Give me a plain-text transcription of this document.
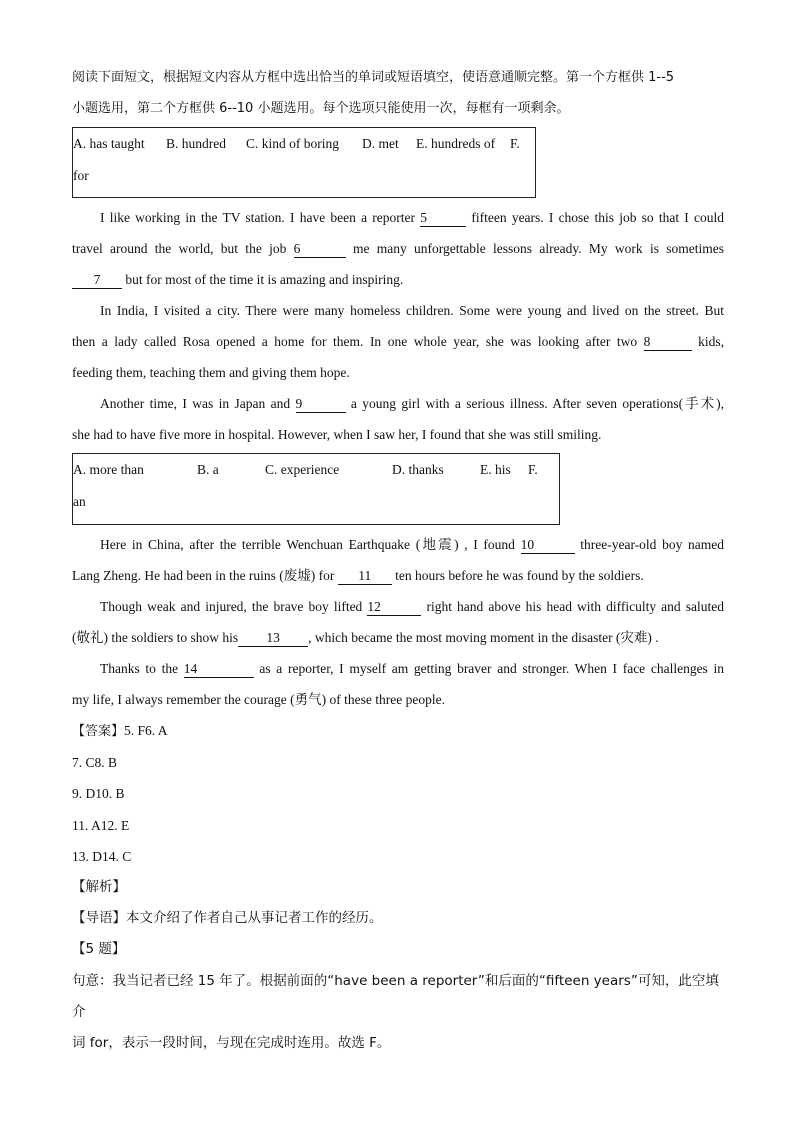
阅读下面短文，根据短文内容从方框中选出恰当的单词或短语填空，使语意通顺完整。第一个方框供 1--5
小题选用，第二个方框供 6--10 小题选用。每个选项只能使用一次，每框有一项剩余。
A. has taught	B. hundred	C. kind of boring	D. met	E. hundreds of	F.
for
I like working in the TV station. I have been a reporter 5	fifteen years. I chose this job so that I could
travel around the world, but the job 6	me many unforgettable lessons already. My work is sometimes
7 but for most of the time it is amazing and inspiring.
In India, I visited a city. There were many homeless children. Some were young and lived on the street. But
then a lady called Rosa opened a home for them. In one whole year, she was looking after two 8	kids,
feeding them, teaching them and giving them hope.
Another time, I was in Japan and 9	a young girl with a serious illness. After seven operations(手术),
she had to have five more in hospital. However, when I saw her, I found that she was still smiling.
A. more than	B. a	C. experience	D. thanks	E. his	F.
an
Here in China, after the terrible Wenchuan Earthquake (地震) , I found 10	three-year-old boy named
Lang Zheng. He had been in the ruins (废墟) for 11 ten hours before he was found by the soldiers.
Though weak and injured, the brave boy lifted 12	right hand above his head with difficulty and saluted
(敬礼) the soldiers to show his 13 , which became the most moving moment in the disaster (灾难) .
Thanks to the 14	as a reporter, I myself am getting braver and stronger. When I face challenges in
my life, I always remember the courage (勇气) of these three people.
【答案】5. F6. A
7. C8. B
9. D10. B
11. A12. E
13. D14. C
【解析】
【导语】本文介绍了作者自己从事记者工作的经历。
【5 题】
句意：我当记者已经 15 年了。根据前面的“have been a reporter”和后面的“fifteen years”可知，此空填介
词 for，表示一段时间，与现在完成时连用。故选 F。
